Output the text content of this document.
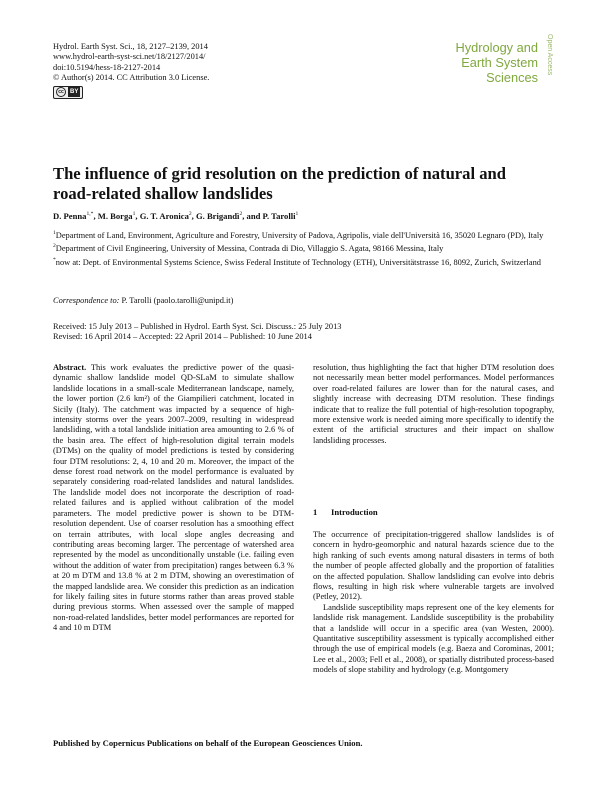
Hydrol. Earth Syst. Sci., 18, 2127–2139, 2014
www.hydrol-earth-syst-sci.net/18/2127/2014/
doi:10.5194/hess-18-2127-2014
© Author(s) 2014. CC Attribution 3.0 License.
cc	BY
Hydrology and
Earth System
Sciences
Open Access
The influence of grid resolution on the prediction of natural and
road-related shallow landslides
D. Penna$^{1,*}$, M. Borga$^1$, G. T. Aronica$^2$, G. Brigandì$^2$, and P. Tarolli$^1$
$^1$Department of Land, Environment, Agriculture and Forestry, University of Padova, Agripolis, viale dell'Università 16, 35020 Legnaro (PD), Italy
$^2$Department of Civil Engineering, University of Messina, Contrada di Dio, Villaggio S. Agata, 98166 Messina, Italy
*now at: Dept. of Environmental Systems Science, Swiss Federal Institute of Technology (ETH), Universitätstrasse 16, 8092, Zurich, Switzerland
Correspondence to: P. Tarolli (paolo.tarolli@unipd.it)
Received: 15 July 2013 – Published in Hydrol. Earth Syst. Sci. Discuss.: 25 July 2013
Revised: 16 April 2014 – Accepted: 22 April 2014 – Published: 10 June 2014
Abstract. This work evaluates the predictive power of the quasi-dynamic shallow landslide model QD-SLaM to simulate shallow landslide locations in a small-scale Mediterranean landscape, namely, the lower portion (2.6 km²) of the Giampilieri catchment, located in Sicily (Italy). The catchment was impacted by a sequence of high-intensity storms over the years 2007–2009, resulting in widespread landsliding, with a total landslide initiation area amounting to 2.6 % of the basin area. The effect of high-resolution digital terrain models (DTMs) on the quality of model predictions is tested by considering four DTM resolutions: 2, 4, 10 and 20 m. Moreover, the impact of the dense forest road network on the model performance is evaluated by separately considering road-related landslides and natural landslides. The landslide model does not incorporate the description of road-related failures and is applied without calibration of the model parameters. The model predictive power is shown to be DTM-resolution dependent. Use of coarser resolution has a smoothing effect on terrain attributes, with local slope angles decreasing and contributing areas becoming larger. The percentage of watershed area represented by the model as unconditionally unstable (i.e. failing even without the addition of water from precipitation) ranges between 6.3 % at 20 m DTM and 13.8 % at 2 m DTM, showing an overestimation of the mapped landslide area. We consider this prediction as an indication for likely failing sites in future storms rather than areas proved stable during previous storms. When assessed over the sample of mapped non-road-related landslides, better model performances are reported for 4 and 10 m DTM
resolution, thus highlighting the fact that higher DTM resolution does not necessarily mean better model performances. Model performances over road-related failures are lower than for the natural cases, and slightly increase with decreasing DTM resolution. These findings indicate that to realize the full potential of high-resolution topography, more extensive work is needed aiming more specifically to identify the extent of the artificial structures and their impact on shallow landsliding processes.
1 Introduction

The occurrence of precipitation-triggered shallow landslides is of concern in hydro-geomorphic and natural hazards science due to the high ranking of such events among natural disasters in terms of both the number of people affected globally and the proportion of fatalities on the affected population. Shallow landsliding can evolve into debris flows, resulting in high risk where vulnerable targets are involved (Petley, 2012).

Landslide susceptibility maps represent one of the key elements for landslide risk management. Landslide susceptibility is the probability that a landslide will occur in a specific area (van Westen, 2000). Quantitative susceptibility assessment is typically accomplished either through the use of empirical models (e.g. Baeza and Corominas, 2001; Lee et al., 2003; Fell et al., 2008), or spatially distributed process-based models of slope stability and hydrology (e.g. Montgomery

Published by Copernicus Publications on behalf of the European Geosciences Union.
